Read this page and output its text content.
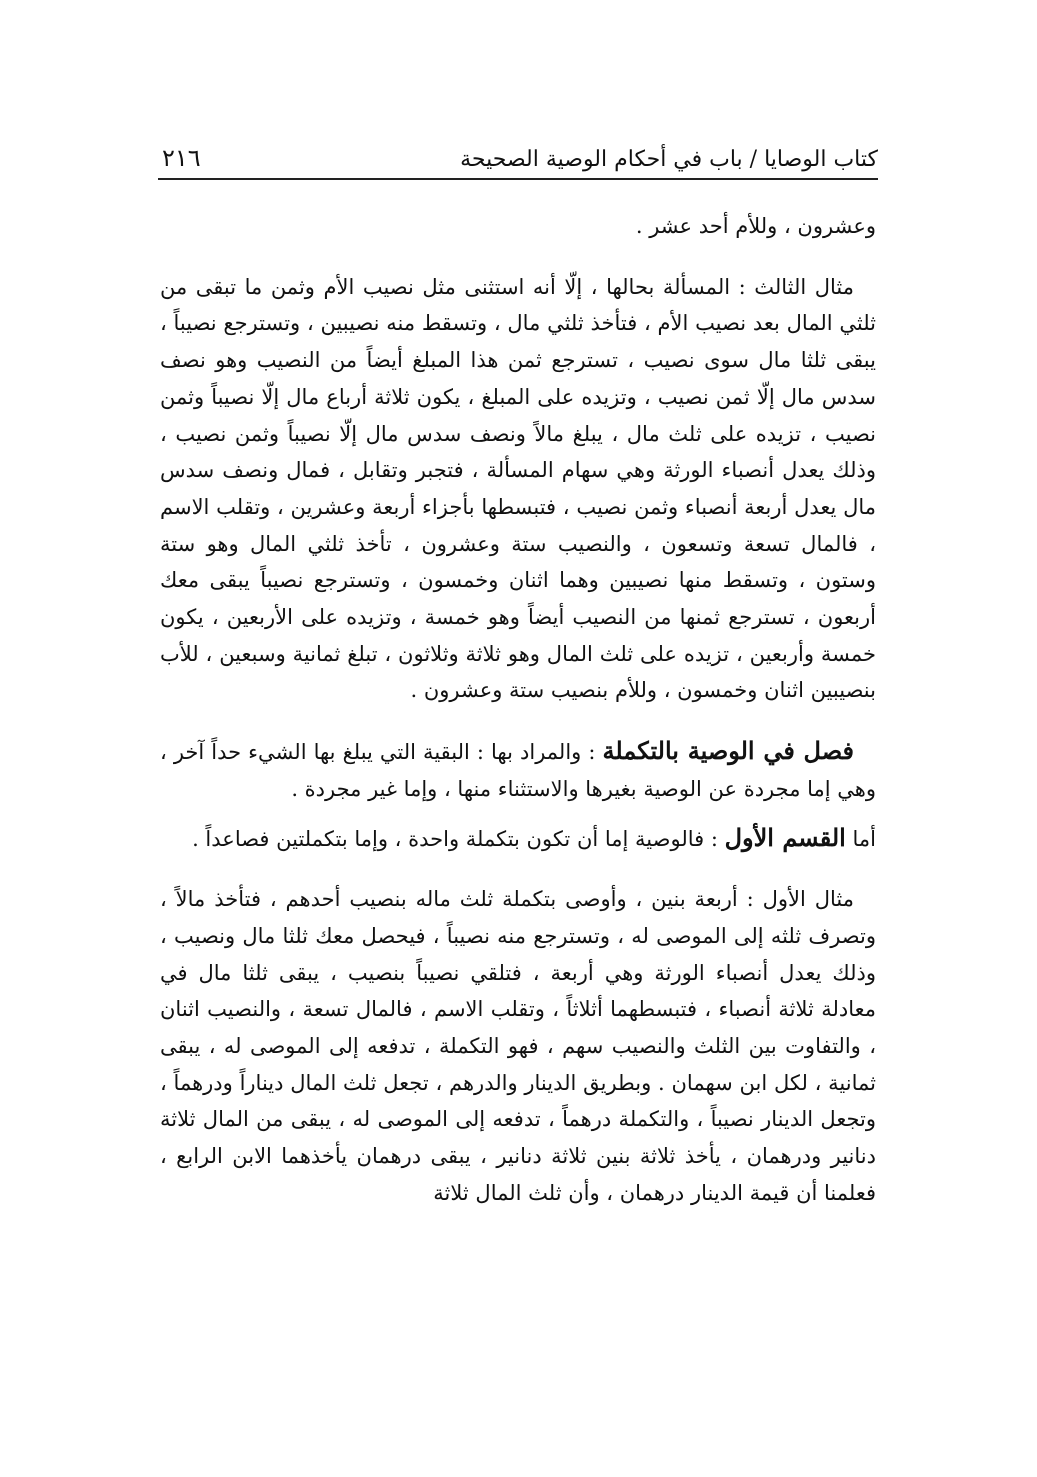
كتاب الوصايا / باب في أحكام الوصية الصحيحة
٢١٦

وعشرون ، وللأم أحد عشر .

مثال الثالث : المسألة بحالها ، إلّا أنه استثنى مثل نصيب الأم وثمن ما تبقى من ثلثي المال بعد نصيب الأم ، فتأخذ ثلثي مال ، وتسقط منه نصيبين ، وتسترجع نصيباً ، يبقى ثلثا مال سوى نصيب ، تسترجع ثمن هذا المبلغ أيضاً من النصيب وهو نصف سدس مال إلّا ثمن نصيب ، وتزيده على المبلغ ، يكون ثلاثة أرباع مال إلّا نصيباً وثمن نصيب ، تزيده على ثلث مال ، يبلغ مالاً ونصف سدس مال إلّا نصيباً وثمن نصيب ، وذلك يعدل أنصباء الورثة وهي سهام المسألة ، فتجبر وتقابل ، فمال ونصف سدس مال يعدل أربعة أنصباء وثمن نصيب ، فتبسطها بأجزاء أربعة وعشرين ، وتقلب الاسم ، فالمال تسعة وتسعون ، والنصيب ستة وعشرون ، تأخذ ثلثي المال وهو ستة وستون ، وتسقط منها نصيبين وهما اثنان وخمسون ، وتسترجع نصيباً يبقى معك أربعون ، تسترجع ثمنها من النصيب أيضاً وهو خمسة ، وتزيده على الأربعين ، يكون خمسة وأربعين ، تزيده على ثلث المال وهو ثلاثة وثلاثون ، تبلغ ثمانية وسبعين ، للأب بنصيبين اثنان وخمسون ، وللأم بنصيب ستة وعشرون .

فصل في الوصية بالتكملة : والمراد بها : البقية التي يبلغ بها الشيء حداً آخر ، وهي إما مجردة عن الوصية بغيرها والاستثناء منها ، وإما غير مجردة .

أما القسم الأول : فالوصية إما أن تكون بتكملة واحدة ، وإما بتكملتين فصاعداً .

مثال الأول : أربعة بنين ، وأوصى بتكملة ثلث ماله بنصيب أحدهم ، فتأخذ مالاً ، وتصرف ثلثه إلى الموصى له ، وتسترجع منه نصيباً ، فيحصل معك ثلثا مال ونصيب ، وذلك يعدل أنصباء الورثة وهي أربعة ، فتلقي نصيباً بنصيب ، يبقى ثلثا مال في معادلة ثلاثة أنصباء ، فتبسطهما أثلاثاً ، وتقلب الاسم ، فالمال تسعة ، والنصيب اثنان ، والتفاوت بين الثلث والنصيب سهم ، فهو التكملة ، تدفعه إلى الموصى له ، يبقى ثمانية ، لكل ابن سهمان . وبطريق الدينار والدرهم ، تجعل ثلث المال ديناراً ودرهماً ، وتجعل الدينار نصيباً ، والتكملة درهماً ، تدفعه إلى الموصى له ، يبقى من المال ثلاثة دنانير ودرهمان ، يأخذ ثلاثة بنين ثلاثة دنانير ، يبقى درهمان يأخذهما الابن الرابع ، فعلمنا أن قيمة الدينار درهمان ، وأن ثلث المال ثلاثة
